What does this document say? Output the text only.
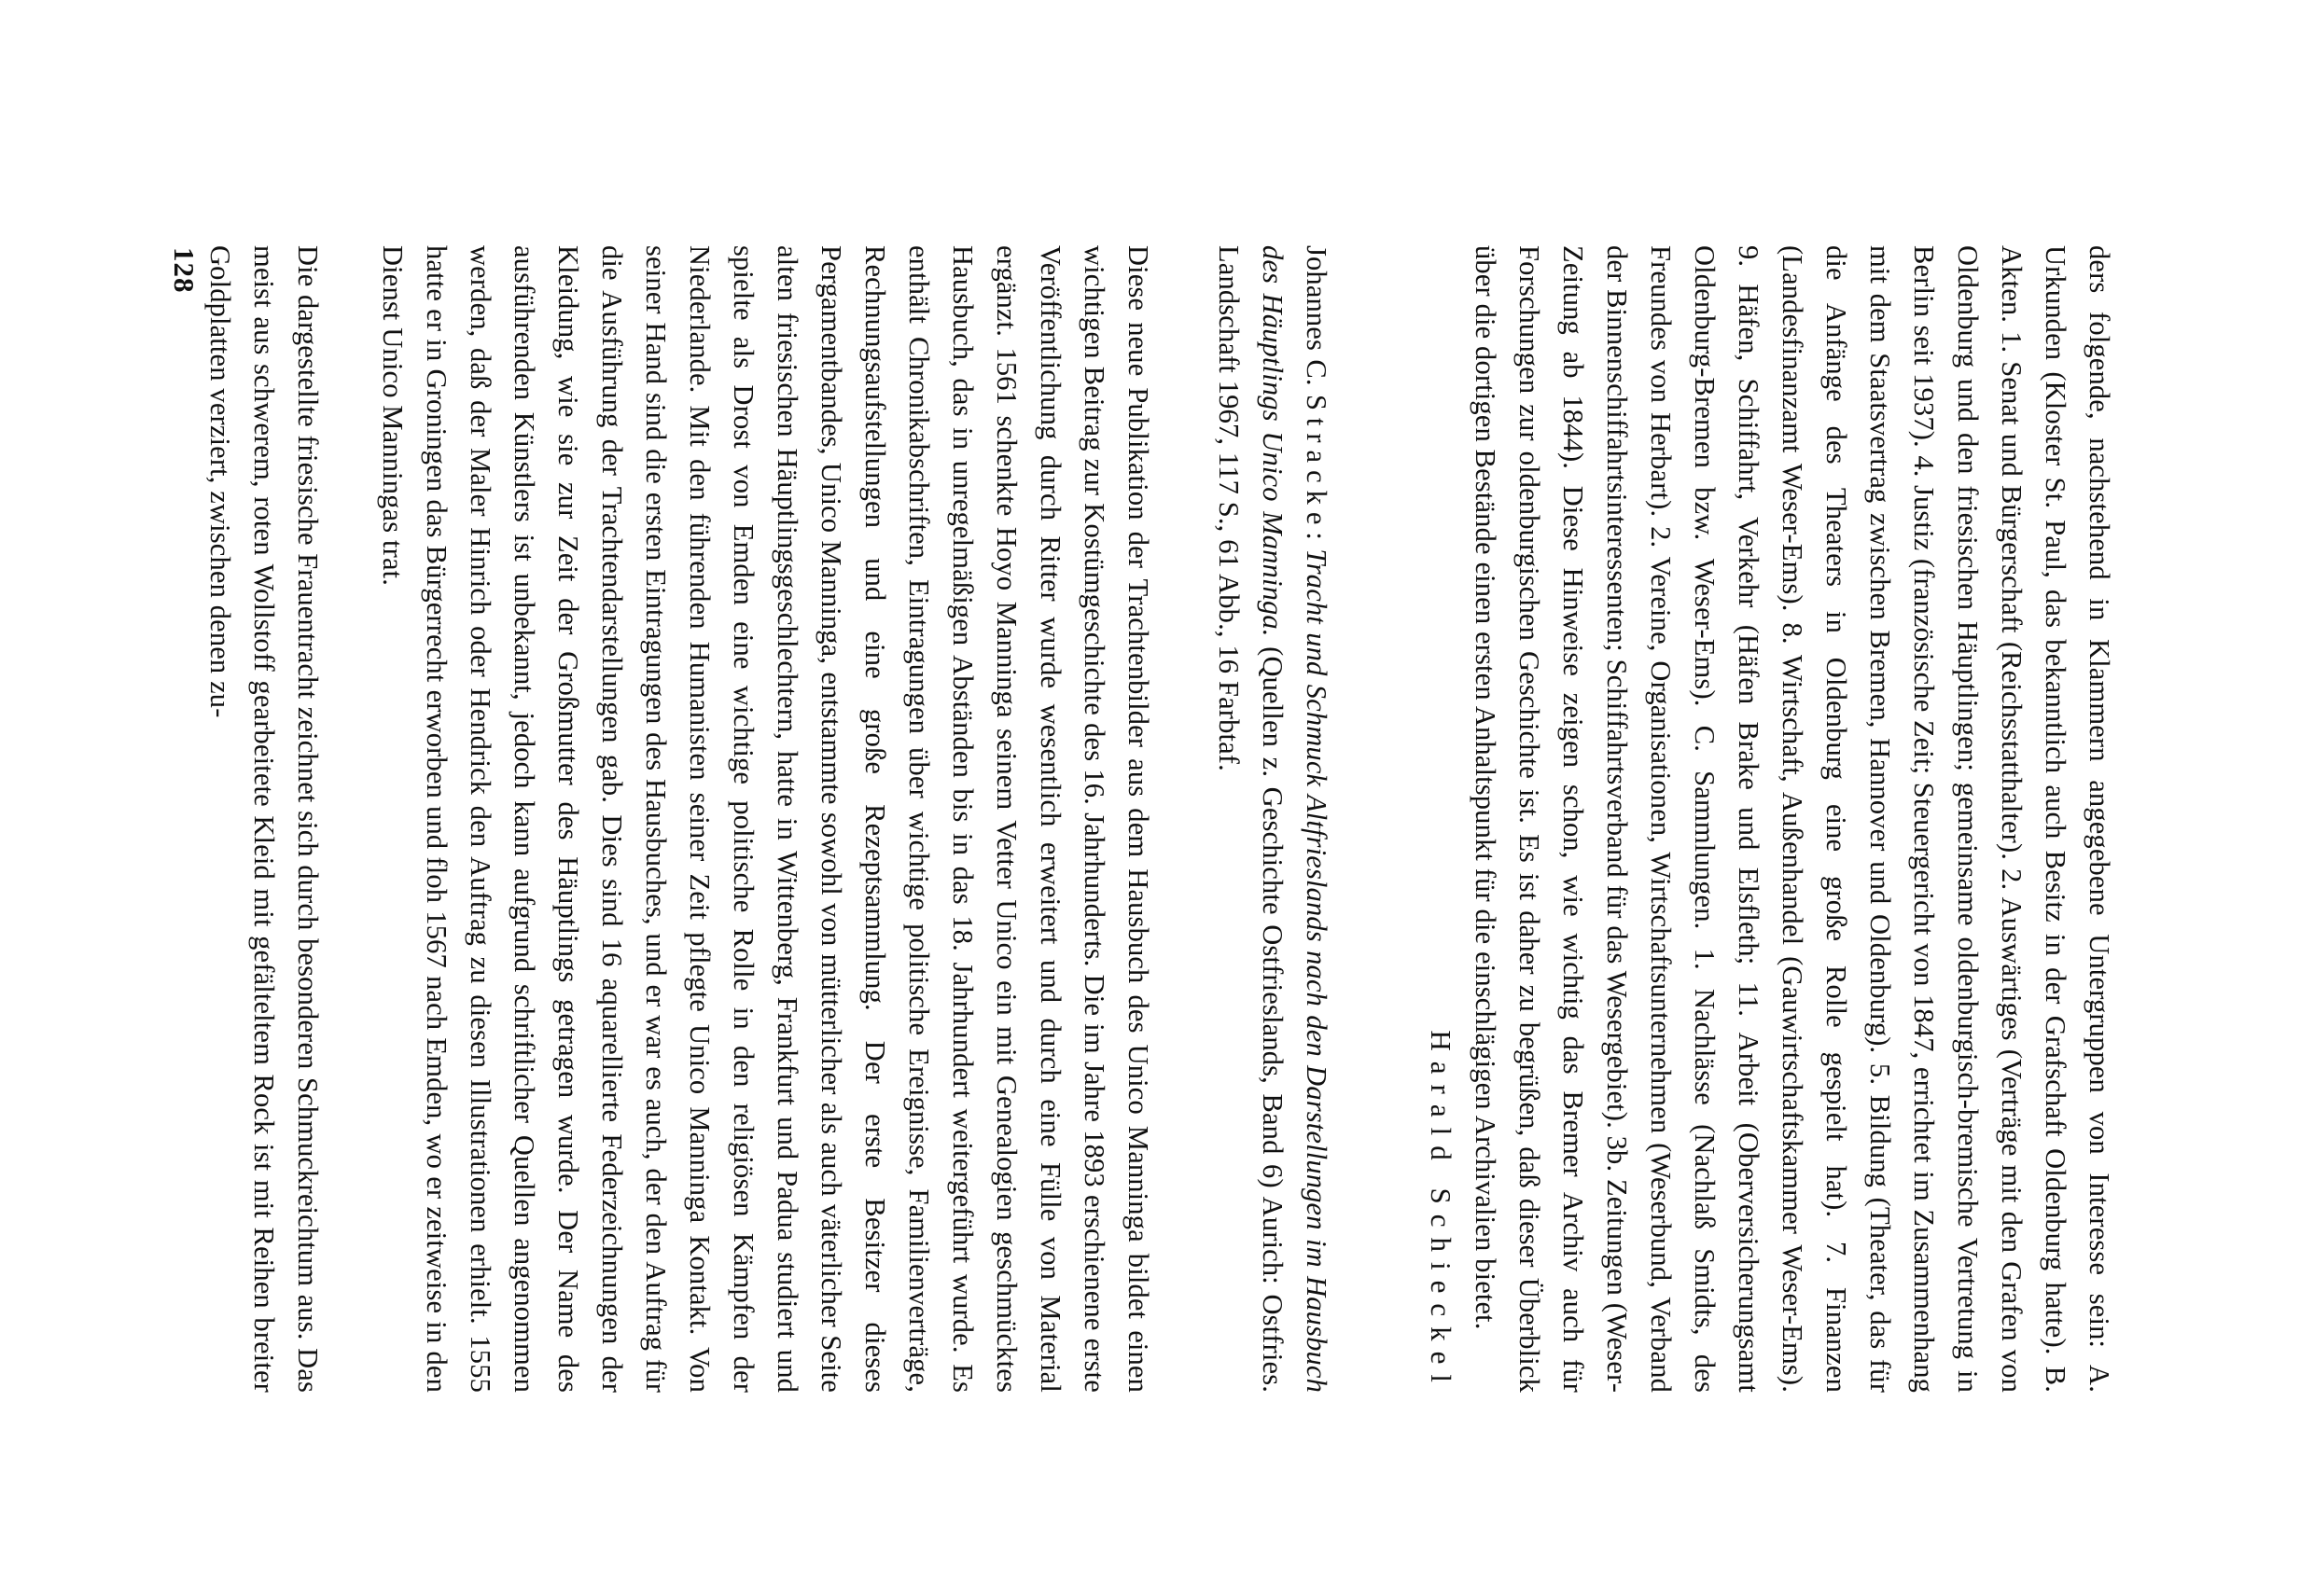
ders folgende, nachstehend in Klammern angegebene Untergruppen von Interesse sein: A. Urkunden (Kloster St. Paul, das bekanntlich auch Besitz in der Grafschaft Oldenburg hatte). B. Akten. 1. Senat und Bürgerschaft (Reichsstatthalter). 2. Auswärtiges (Verträge mit den Grafen von Oldenburg und den friesischen Häuptlingen; gemeinsame oldenburgisch-bremische Vertretung in Berlin seit 1937). 4. Justiz (französische Zeit; Steuergericht von 1847, errichtet im Zusammenhang mit dem Staatsvertrag zwischen Bremen, Hannover und Oldenburg). 5. Bildung (Theater, das für die Anfänge des Theaters in Oldenburg eine große Rolle gespielt hat). 7. Finanzen (Landesfinanzamt Weser-Ems). 8. Wirtschaft, Außenhandel (Gauwirtschaftskammer Weser-Ems). 9. Häfen, Schiffahrt, Verkehr (Häfen Brake und Elsfleth; 11. Arbeit (Oberversicherungsamt Oldenburg-Bremen bzw. Weser-Ems). C. Sammlungen. 1. Nachlässe (Nachlaß Smidts, des Freundes von Herbart). 2. Vereine, Organisationen, Wirtschaftsunternehmen (Weserbund, Verband der Binnenschiffahrtsinteressenten; Schiffahrtsverband für das Wesergebiet). 3b. Zeitungen (Weser-Zeitung ab 1844). Diese Hinweise zeigen schon, wie wichtig das Bremer Archiv auch für Forschungen zur oldenburgischen Geschichte ist. Es ist daher zu begrüßen, daß dieser Überblick über die dortigen Bestände einen ersten Anhaltspunkt für die einschlägigen Archivalien bietet.

Harald Schieckel

Johannes C. Stracke: Tracht und Schmuck Altfrieslands nach den Darstellungen im Hausbuch des Häuptlings Unico Manninga. (Quellen z. Geschichte Ostfrieslands, Band 6) Aurich: Ostfries. Landschaft 1967, 117 S., 61 Abb., 16 Farbtaf.

Diese neue Publikation der Trachtenbilder aus dem Hausbuch des Unico Manninga bildet einen wichtigen Beitrag zur Kostümgeschichte des 16. Jahrhunderts. Die im Jahre 1893 erschienene erste Veröffentlichung durch Ritter wurde wesentlich erweitert und durch eine Fülle von Material ergänzt. 1561 schenkte Hoyo Manninga seinem Vetter Unico ein mit Genealogien geschmücktes Hausbuch, das in unregelmäßigen Abständen bis in das 18. Jahrhundert weitergeführt wurde. Es enthält Chronikabschriften, Eintragungen über wichtige politische Ereignisse, Familienverträge, Rechnungsaufstellungen und eine große Rezeptsammlung. Der erste Besitzer dieses Pergamentbandes, Unico Manninga, entstammte sowohl von mütterlicher als auch väterlicher Seite alten friesischen Häuptlingsgeschlechtern, hatte in Wittenberg, Frankfurt und Padua studiert und spielte als Drost von Emden eine wichtige politische Rolle in den religiösen Kämpfen der Niederlande. Mit den führenden Humanisten seiner Zeit pflegte Unico Manninga Kontakt. Von seiner Hand sind die ersten Eintragungen des Hausbuches, und er war es auch, der den Auftrag für die Ausführung der Trachtendarstellungen gab. Dies sind 16 aquarellierte Federzeichnungen der Kleidung, wie sie zur Zeit der Großmutter des Häuptlings getragen wurde. Der Name des ausführenden Künstlers ist unbekannt, jedoch kann aufgrund schriftlicher Quellen angenommen werden, daß der Maler Hinrich oder Hendrick den Auftrag zu diesen Illustrationen erhielt. 1555 hatte er in Groningen das Bürgerrecht erworben und floh 1567 nach Emden, wo er zeitweise in den Dienst Unico Manningas trat.

Die dargestellte friesische Frauentracht zeichnet sich durch besonderen Schmuckreichtum aus. Das meist aus schwerem, roten Wollstoff gearbeitete Kleid mit gefälteltem Rock ist mit Reihen breiter Goldplatten verziert, zwischen denen zu-

128
